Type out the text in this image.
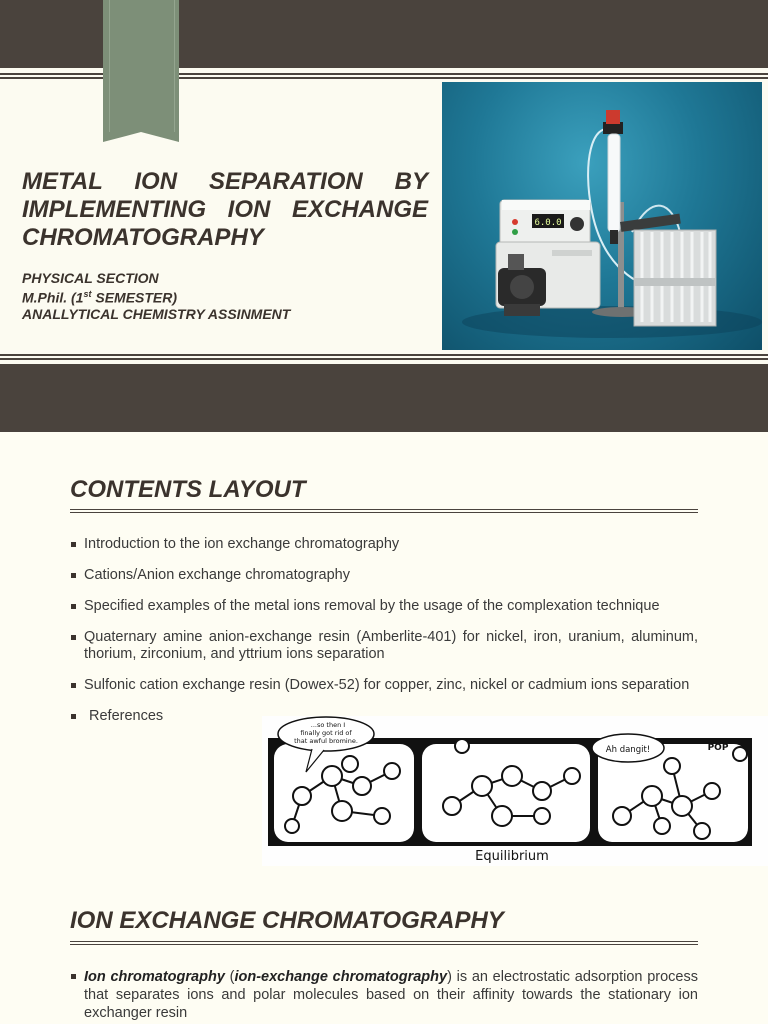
METAL ION SEPARATION BY IMPLEMENTING ION EXCHANGE CHROMATOGRAPHY
PHYSICAL SECTION
M.Phil. (1st SEMESTER)
ANALLYTICAL CHEMISTRY ASSINMENT
6.0.0
CONTENTS LAYOUT
Introduction to the ion exchange chromatography
Cations/Anion exchange chromatography
Specified examples of the metal ions removal by the usage of the complexation technique
Quaternary amine anion-exchange resin (Amberlite-401) for nickel, iron, uranium, aluminum, thorium, zirconium, and yttrium ions separation
Sulfonic cation exchange resin (Dowex-52) for copper, zinc, nickel or cadmium ions separation
References
...so then I
finally got rid of
that awful bromine.
Ah dangit!	POP
Equilibrium
ION EXCHANGE CHROMATOGRAPHY
Ion chromatography (ion-exchange chromatography) is an electrostatic adsorption process that separates ions and polar molecules based on their affinity towards the stationary ion exchanger resin
